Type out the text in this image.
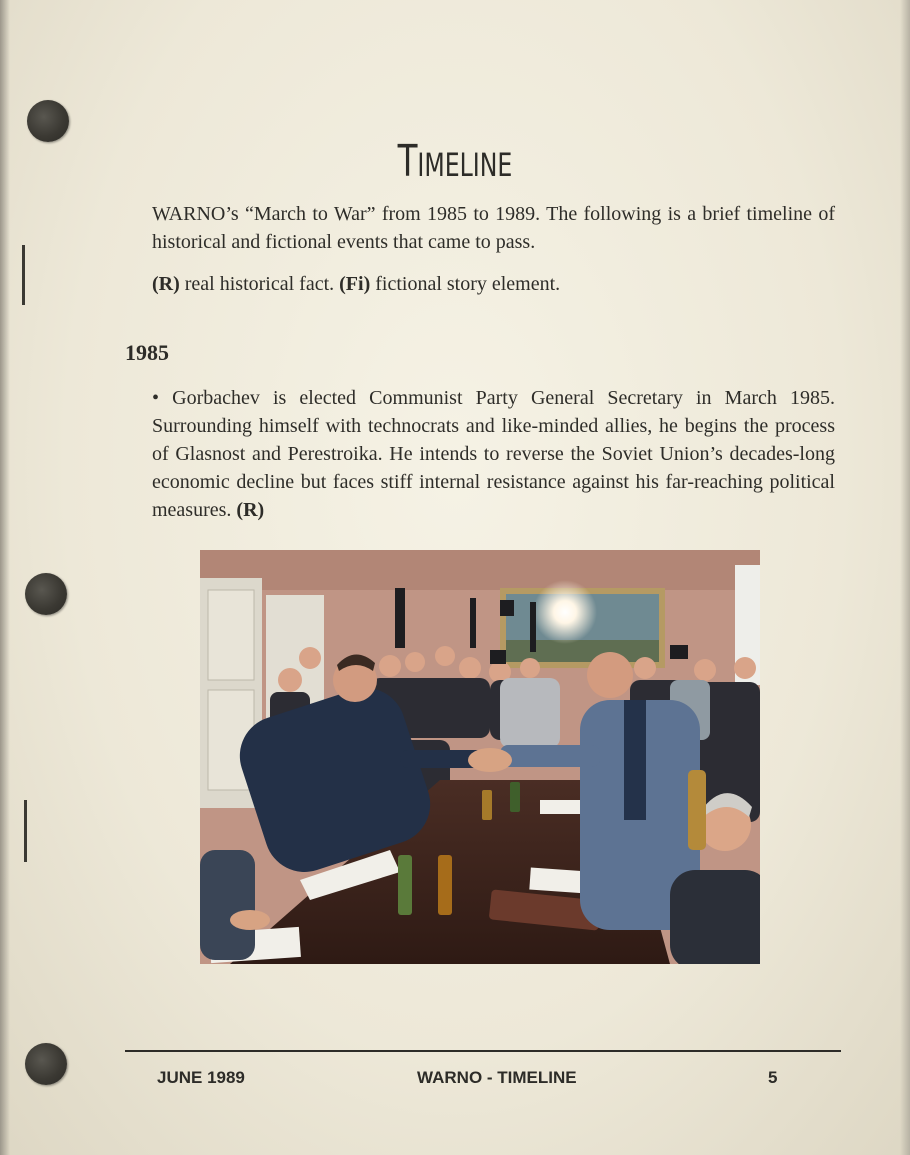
TIMELINE

WARNO’s “March to War” from 1985 to 1989. The following is a brief timeline of historical and fictional events that came to pass.

(R) real historical fact. (Fi) fictional story element.

1985

• Gorbachev is elected Communist Party General Secretary in March 1985. Surrounding himself with technocrats and like-minded allies, he begins the process of Glasnost and Perestroika. He intends to reverse the Soviet Union’s decades-long economic decline but faces stiff internal resistance against his far-reaching political measures. (R)

JUNE 1989	WARNO - TIMELINE	5
